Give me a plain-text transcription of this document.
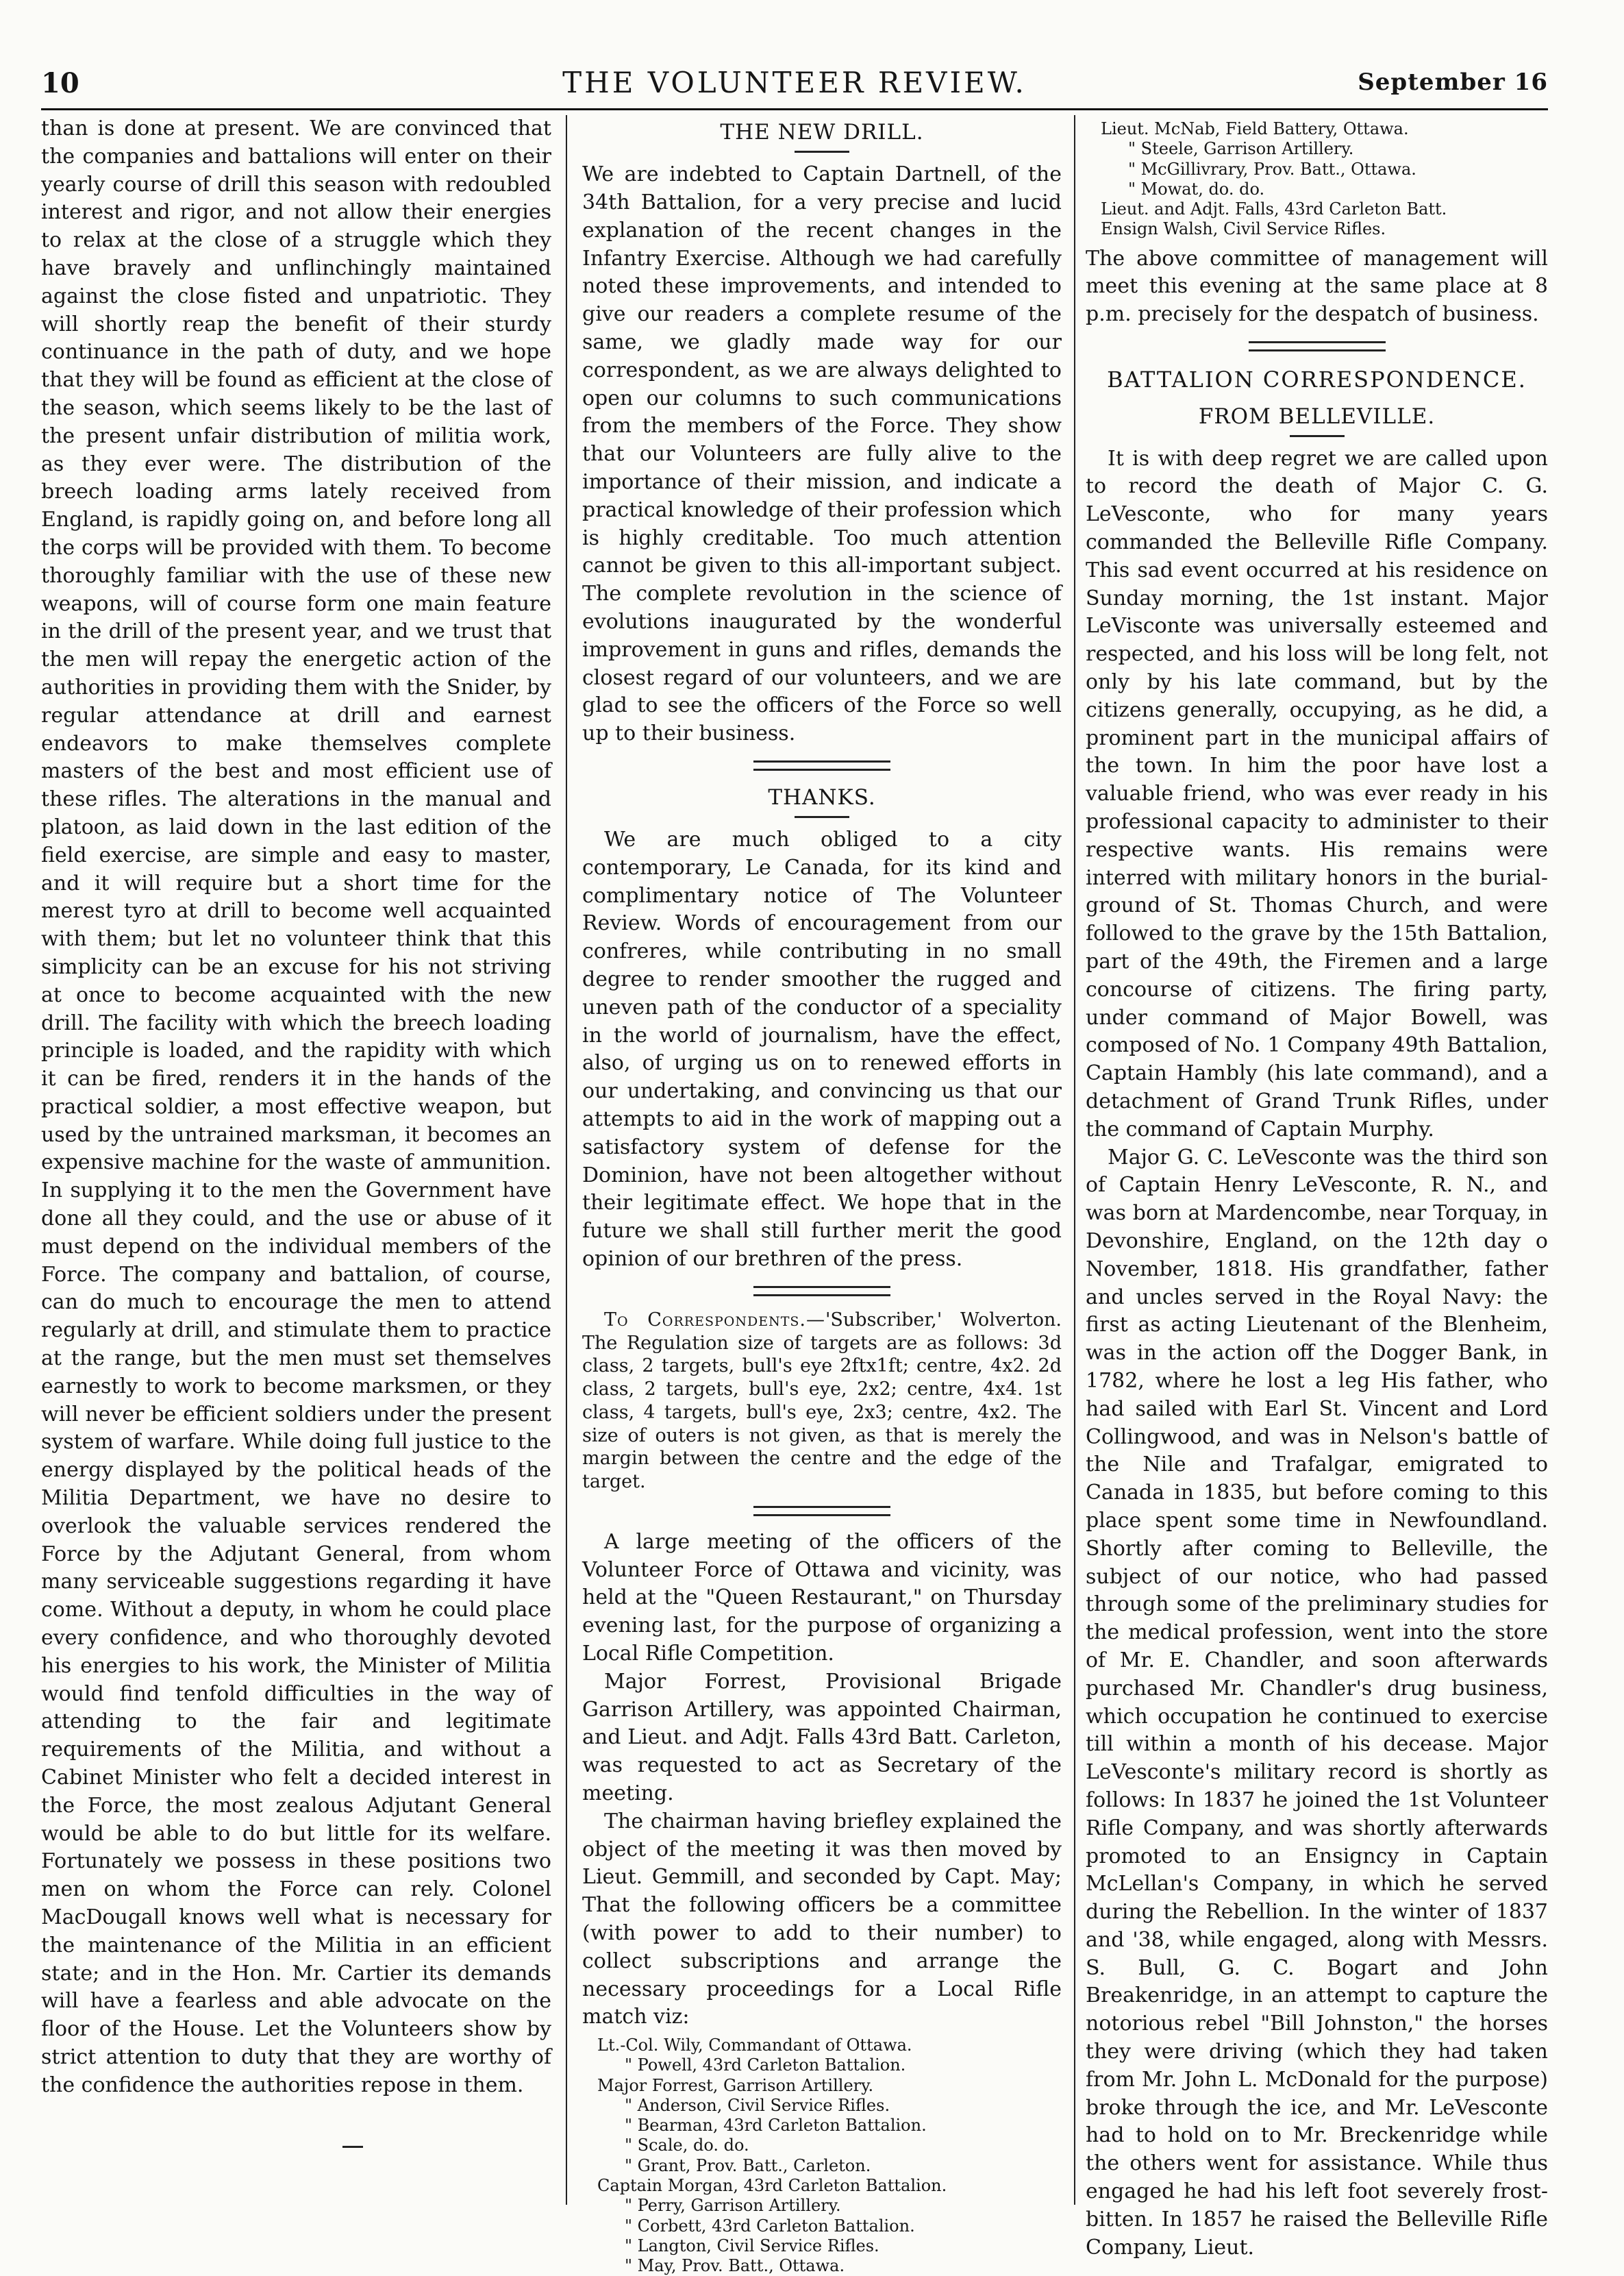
10	THE VOLUNTEER REVIEW.	September 16

than is done at present. We are convinced that the companies and battalions will enter on their yearly course of drill this season with redoubled interest and rigor, and not allow their energies to relax at the close of a struggle which they have bravely and unflinchingly maintained against the close fisted and unpatriotic. They will shortly reap the benefit of their sturdy continuance in the path of duty, and we hope that they will be found as efficient at the close of the season, which seems likely to be the last of the present unfair distribution of militia work, as they ever were. The distribution of the breech loading arms lately received from England, is rapidly going on, and before long all the corps will be provided with them. To become thoroughly familiar with the use of these new weapons, will of course form one main feature in the drill of the present year, and we trust that the men will repay the energetic action of the authorities in providing them with the Snider, by regular attendance at drill and earnest endeavors to make themselves complete masters of the best and most efficient use of these rifles. The alterations in the manual and platoon, as laid down in the last edition of the field exercise, are simple and easy to master, and it will require but a short time for the merest tyro at drill to become well acquainted with them; but let no volunteer think that this simplicity can be an excuse for his not striving at once to become acquainted with the new drill. The facility with which the breech loading principle is loaded, and the rapidity with which it can be fired, renders it in the hands of the practical soldier, a most effective weapon, but used by the untrained marksman, it becomes an expensive machine for the waste of ammunition. In supplying it to the men the Government have done all they could, and the use or abuse of it must depend on the individual members of the Force. The company and battalion, of course, can do much to encourage the men to attend regularly at drill, and stimulate them to practice at the range, but the men must set themselves earnestly to work to become marksmen, or they will never be efficient soldiers under the present system of warfare. While doing full justice to the energy displayed by the political heads of the Militia Department, we have no desire to overlook the valuable services rendered the Force by the Adjutant General, from whom many serviceable suggestions regarding it have come. Without a deputy, in whom he could place every confidence, and who thoroughly devoted his energies to his work, the Minister of Militia would find tenfold difficulties in the way of attending to the fair and legitimate requirements of the Militia, and without a Cabinet Minister who felt a decided interest in the Force, the most zealous Adjutant General would be able to do but little for its welfare. Fortunately we possess in these positions two men on whom the Force can rely. Colonel MacDougall knows well what is necessary for the maintenance of the Militia in an efficient state; and in the Hon. Mr. Cartier its demands will have a fearless and able advocate on the floor of the House. Let the Volunteers show by strict attention to duty that they are worthy of the confidence the authorities repose in them.

THE NEW DRILL.

We are indebted to Captain Dartnell, of the 34th Battalion, for a very precise and lucid explanation of the recent changes in the Infantry Exercise. Although we had carefully noted these improvements, and intended to give our readers a complete resume of the same, we gladly made way for our correspondent, as we are always delighted to open our columns to such communications from the members of the Force. They show that our Volunteers are fully alive to the importance of their mission, and indicate a practical knowledge of their profession which is highly creditable. Too much attention cannot be given to this all-important subject. The complete revolution in the science of evolutions inaugurated by the wonderful improvement in guns and rifles, demands the closest regard of our volunteers, and we are glad to see the officers of the Force so well up to their business.

THANKS.

We are much obliged to a city contemporary, Le Canada, for its kind and complimentary notice of The Volunteer Review. Words of encouragement from our confreres, while contributing in no small degree to render smoother the rugged and uneven path of the conductor of a speciality in the world of journalism, have the effect, also, of urging us on to renewed efforts in our undertaking, and convincing us that our attempts to aid in the work of mapping out a satisfactory system of defense for the Dominion, have not been altogether without their legitimate effect. We hope that in the future we shall still further merit the good opinion of our brethren of the press.

To Correspondents.—'Subscriber,' Wolverton. The Regulation size of targets are as follows: 3d class, 2 targets, bull's eye 2ftx1ft; centre, 4x2. 2d class, 2 targets, bull's eye, 2x2; centre, 4x4. 1st class, 4 targets, bull's eye, 2x3; centre, 4x2. The size of outers is not given, as that is merely the margin between the centre and the edge of the target.

A large meeting of the officers of the Volunteer Force of Ottawa and vicinity, was held at the "Queen Restaurant," on Thursday evening last, for the purpose of organizing a Local Rifle Competition.

Major Forrest, Provisional Brigade Garrison Artillery, was appointed Chairman, and Lieut. and Adjt. Falls 43rd Batt. Carleton, was requested to act as Secretary of the meeting.

The chairman having briefley explained the object of the meeting it was then moved by Lieut. Gemmill, and seconded by Capt. May; That the following officers be a committee (with power to add to their number) to collect subscriptions and arrange the necessary proceedings for a Local Rifle match viz:

Lt.-Col. Wily, Commandant of Ottawa.
" Powell, 43rd Carleton Battalion.
Major Forrest, Garrison Artillery.
" Anderson, Civil Service Rifles.
" Bearman, 43rd Carleton Battalion.
" Scale, do. do.
" Grant, Prov. Batt., Carleton.
Captain Morgan, 43rd Carleton Battalion.
" Perry, Garrison Artillery.
" Corbett, 43rd Carleton Battalion.
" Langton, Civil Service Rifles.
" May, Prov. Batt., Ottawa.
Lieut. McNab, Field Battery, Ottawa.
" Steele, Garrison Artillery.
" McGillivrary, Prov. Batt., Ottawa.
" Mowat, do. do.
Lieut. and Adjt. Falls, 43rd Carleton Batt.
Ensign Walsh, Civil Service Rifles.

The above committee of management will meet this evening at the same place at 8 p.m. precisely for the despatch of business.

BATTALION CORRESPONDENCE.
FROM BELLEVILLE.

It is with deep regret we are called upon to record the death of Major C. G. LeVesconte, who for many years commanded the Belleville Rifle Company. This sad event occurred at his residence on Sunday morning, the 1st instant. Major LeVisconte was universally esteemed and respected, and his loss will be long felt, not only by his late command, but by the citizens generally, occupying, as he did, a prominent part in the municipal affairs of the town. In him the poor have lost a valuable friend, who was ever ready in his professional capacity to administer to their respective wants. His remains were interred with military honors in the burial-ground of St. Thomas Church, and were followed to the grave by the 15th Battalion, part of the 49th, the Firemen and a large concourse of citizens. The firing party, under command of Major Bowell, was composed of No. 1 Company 49th Battalion, Captain Hambly (his late command), and a detachment of Grand Trunk Rifles, under the command of Captain Murphy.

Major G. C. LeVesconte was the third son of Captain Henry LeVesconte, R. N., and was born at Mardencombe, near Torquay, in Devonshire, England, on the 12th day o November, 1818. His grandfather, father and uncles served in the Royal Navy: the first as acting Lieutenant of the Blenheim, was in the action off the Dogger Bank, in 1782, where he lost a leg His father, who had sailed with Earl St. Vincent and Lord Collingwood, and was in Nelson's battle of the Nile and Trafalgar, emigrated to Canada in 1835, but before coming to this place spent some time in Newfoundland. Shortly after coming to Belleville, the subject of our notice, who had passed through some of the preliminary studies for the medical profession, went into the store of Mr. E. Chandler, and soon afterwards purchased Mr. Chandler's drug business, which occupation he continued to exercise till within a month of his decease. Major LeVesconte's military record is shortly as follows: In 1837 he joined the 1st Volunteer Rifle Company, and was shortly afterwards promoted to an Ensigncy in Captain McLellan's Company, in which he served during the Rebellion. In the winter of 1837 and '38, while engaged, along with Messrs. S. Bull, G. C. Bogart and John Breakenridge, in an attempt to capture the notorious rebel "Bill Johnston," the horses they were driving (which they had taken from Mr. John L. McDonald for the purpose) broke through the ice, and Mr. LeVesconte had to hold on to Mr. Breckenridge while the others went for assistance. While thus engaged he had his left foot severely frost-bitten. In 1857 he raised the Belleville Rifle Company, Lieut.
